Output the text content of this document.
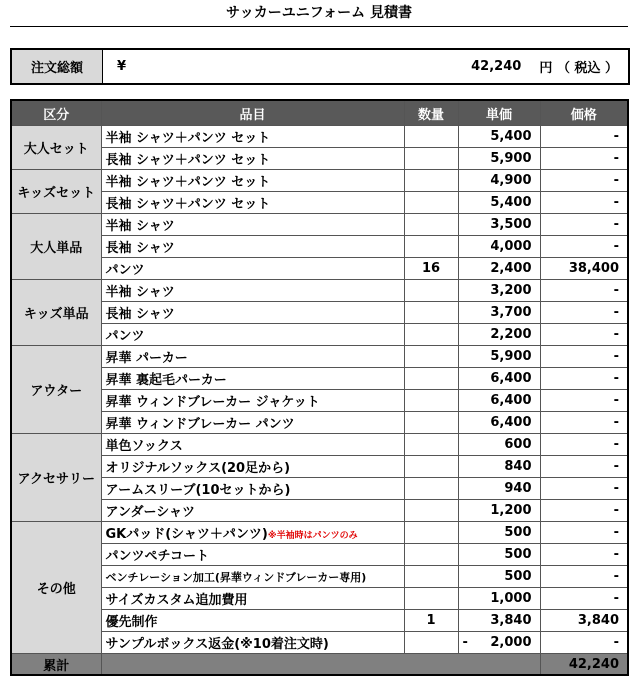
サッカーユニフォーム 見積書
注文総額	¥	42,240
円 （ 税込 ）
区分	品目	数量	単価	価格
大人セット	半袖 シャツ＋パンツ セット		5,400	-
	長袖 シャツ＋パンツ セット		5,900	-
キッズセット	半袖 シャツ＋パンツ セット		4,900	-
	長袖 シャツ＋パンツ セット		5,400	-
大人単品	半袖 シャツ		3,500	-
	長袖 シャツ		4,000	-
	パンツ	16	2,400	38,400
キッズ単品	半袖 シャツ		3,200	-
	長袖 シャツ		3,700	-
	パンツ		2,200	-
アウター	昇華 パーカー		5,900	-
	昇華 裏起毛パーカー		6,400	-
	昇華 ウィンドブレーカー ジャケット		6,400	-
	昇華 ウィンドブレーカー パンツ		6,400	-
アクセサリー	単色ソックス		600	-
	オリジナルソックス(20足から)		840	-
	アームスリーブ(10セットから)		940	-
	アンダーシャツ		1,200	-
その他	GKパッド(シャツ＋パンツ)※半袖時はパンツのみ		500	-
	パンツペチコート		500	-
	ベンチレーション加工(昇華ウィンドブレーカー専用)		500	-
	サイズカスタム追加費用		1,000	-
	優先制作	1	3,840	3,840
	サンプルボックス返金(※10着注文時)		- 2,000	-
累計				42,240
